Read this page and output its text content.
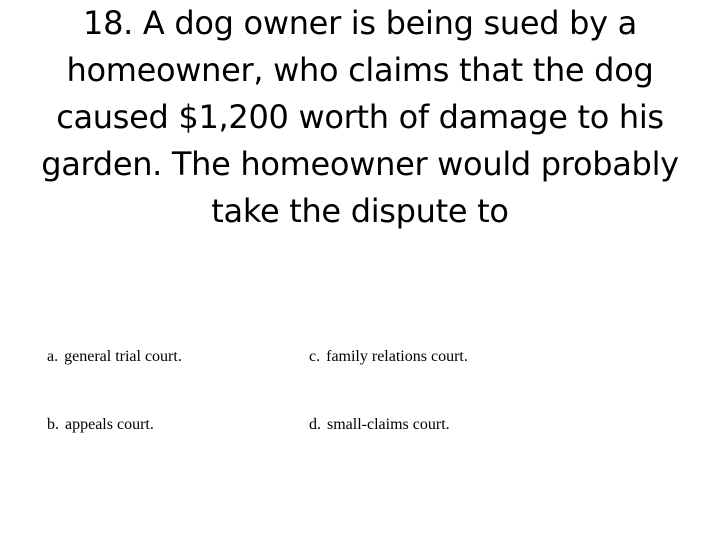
18. A dog owner is being sued by a homeowner, who claims that the dog caused $1,200 worth of damage to his garden. The homeowner would probably take the dispute to
a. general trial court.	c. family relations court.
b. appeals court.	d. small-claims court.
